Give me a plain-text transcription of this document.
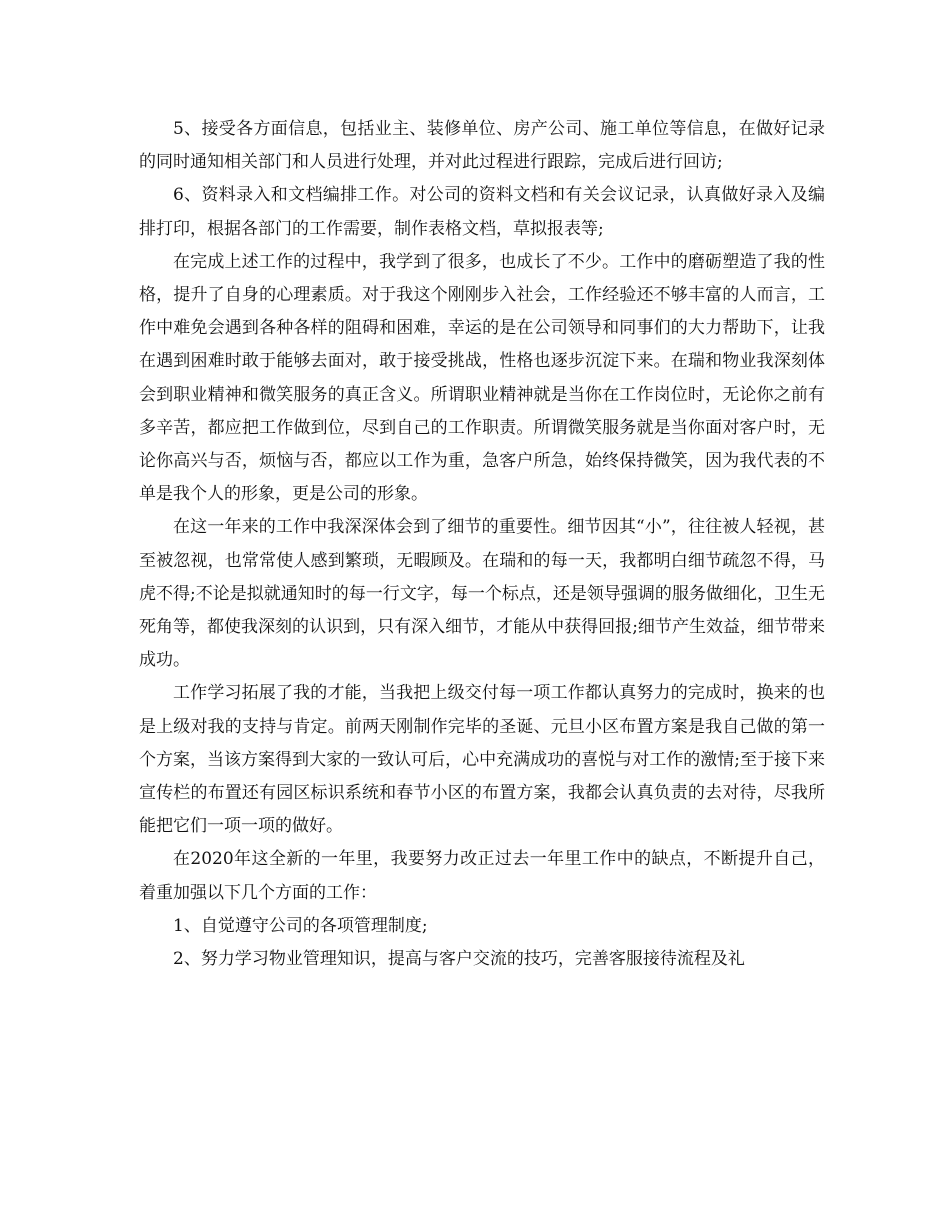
5、接受各方面信息，包括业主、装修单位、房产公司、施工单位等信息，在做好记录的同时通知相关部门和人员进行处理，并对此过程进行跟踪，完成后进行回访;

6、资料录入和文档编排工作。对公司的资料文档和有关会议记录，认真做好录入及编排打印，根据各部门的工作需要，制作表格文档，草拟报表等;

在完成上述工作的过程中，我学到了很多，也成长了不少。工作中的磨砺塑造了我的性格，提升了自身的心理素质。对于我这个刚刚步入社会，工作经验还不够丰富的人而言，工作中难免会遇到各种各样的阻碍和困难，幸运的是在公司领导和同事们的大力帮助下，让我在遇到困难时敢于能够去面对，敢于接受挑战，性格也逐步沉淀下来。在瑞和物业我深刻体会到职业精神和微笑服务的真正含义。所谓职业精神就是当你在工作岗位时，无论你之前有多辛苦，都应把工作做到位，尽到自己的工作职责。所谓微笑服务就是当你面对客户时，无论你高兴与否，烦恼与否，都应以工作为重，急客户所急，始终保持微笑，因为我代表的不单是我个人的形象，更是公司的形象。

在这一年来的工作中我深深体会到了细节的重要性。细节因其“小”，往往被人轻视，甚至被忽视，也常常使人感到繁琐，无暇顾及。在瑞和的每一天，我都明白细节疏忽不得，马虎不得;不论是拟就通知时的每一行文字，每一个标点，还是领导强调的服务做细化，卫生无死角等，都使我深刻的认识到，只有深入细节，才能从中获得回报;细节产生效益，细节带来成功。

工作学习拓展了我的才能，当我把上级交付每一项工作都认真努力的完成时，换来的也是上级对我的支持与肯定。前两天刚制作完毕的圣诞、元旦小区布置方案是我自己做的第一个方案，当该方案得到大家的一致认可后，心中充满成功的喜悦与对工作的激情;至于接下来宣传栏的布置还有园区标识系统和春节小区的布置方案，我都会认真负责的去对待，尽我所能把它们一项一项的做好。

在2020年这全新的一年里，我要努力改正过去一年里工作中的缺点，不断提升自己，着重加强以下几个方面的工作：

1、自觉遵守公司的各项管理制度;

2、努力学习物业管理知识，提高与客户交流的技巧，完善客服接待流程及礼
